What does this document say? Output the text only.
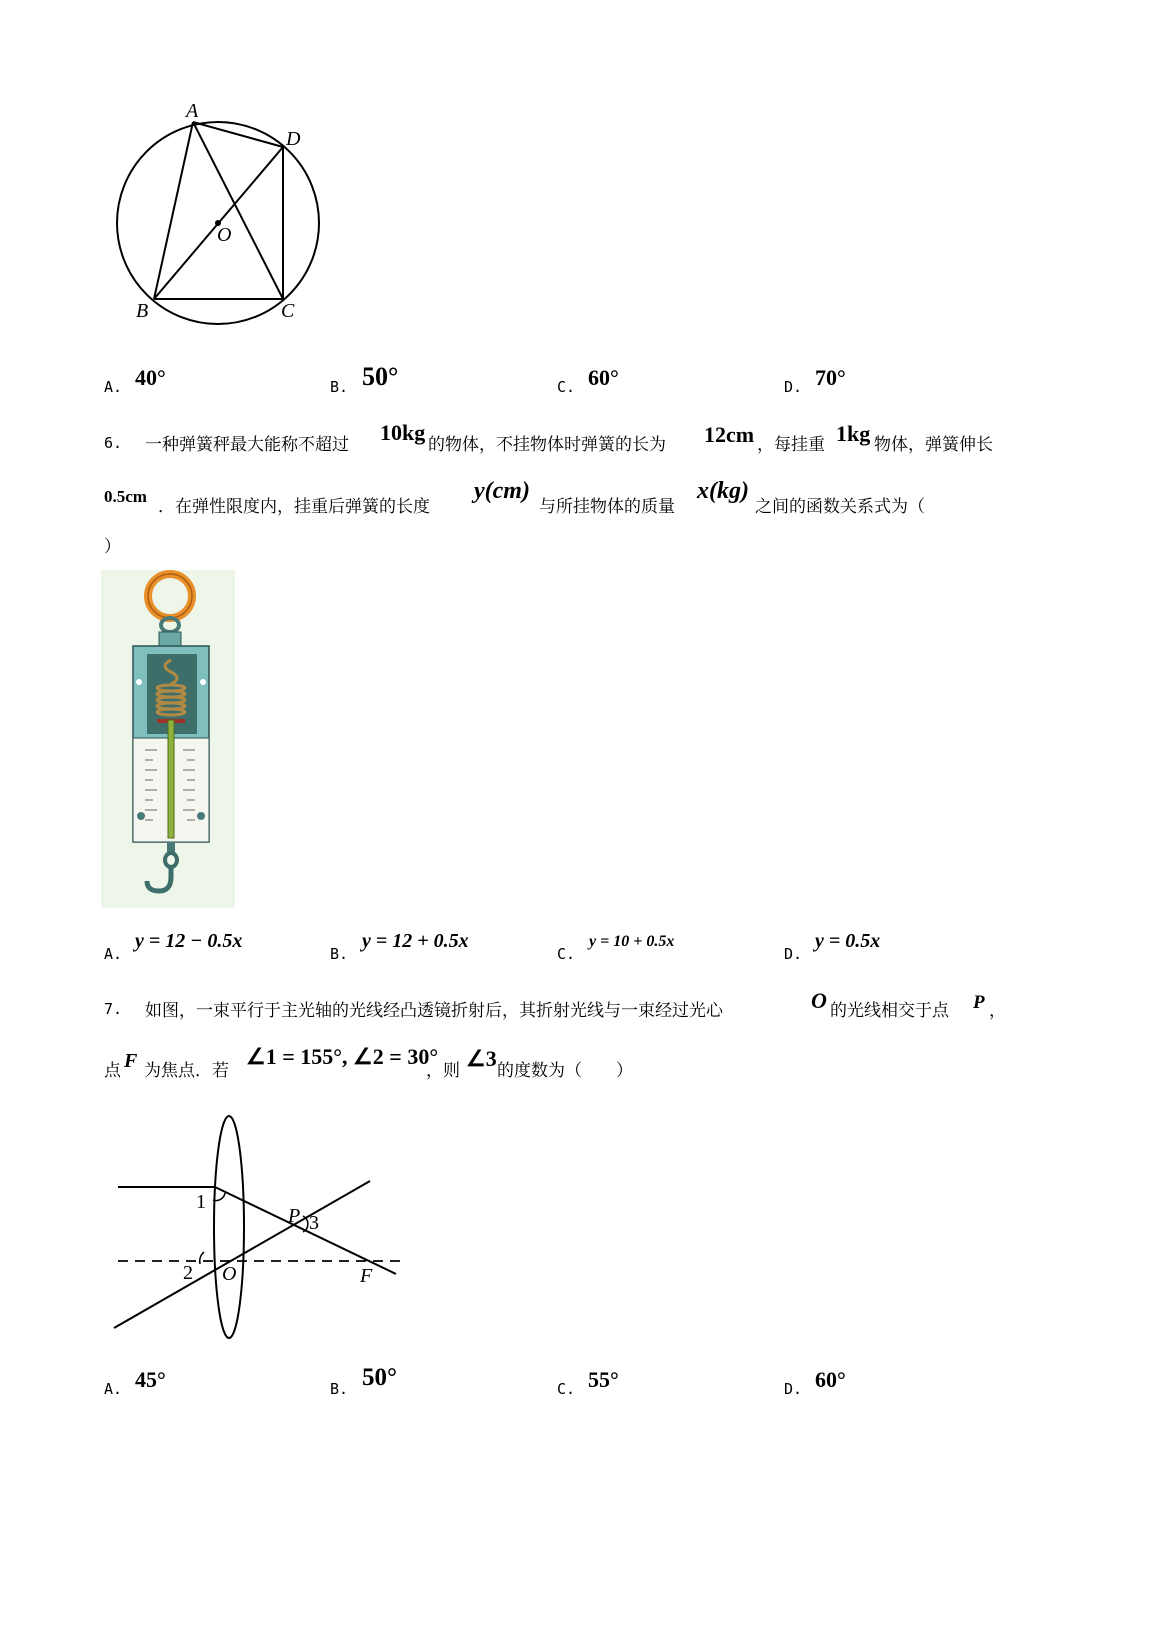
A
D
O
B	C
A. 40°	B. 50°	C. 60°	D. 70°
6. 一种弹簧秤最大能称不超过 10kg 的物体，不挂物体时弹簧的长为 12cm ，每挂重 1kg 物体，弹簧伸长
0.5cm
．在弹性限度内，挂重后弹簧的长度
y(cm)
与所挂物体的质量
x(kg)
之间的函数关系式为（
）
A.
y = 12 − 0.5x
B.
y = 12 + 0.5x
C.
y = 10 + 0.5x
D.
y = 0.5x
7. 如图，一束平行于主光轴的光线经凸透镜折射后，其折射光线与一束经过光心	O 的光线相交于点 P ，
点 F 为焦点．若
∠1 = 155°, ∠2 = 30°
，则 ∠3 的度数为（　　）
1
2
3
P
O	F
A. 45°	B. 50°	C. 55°	D. 60°
